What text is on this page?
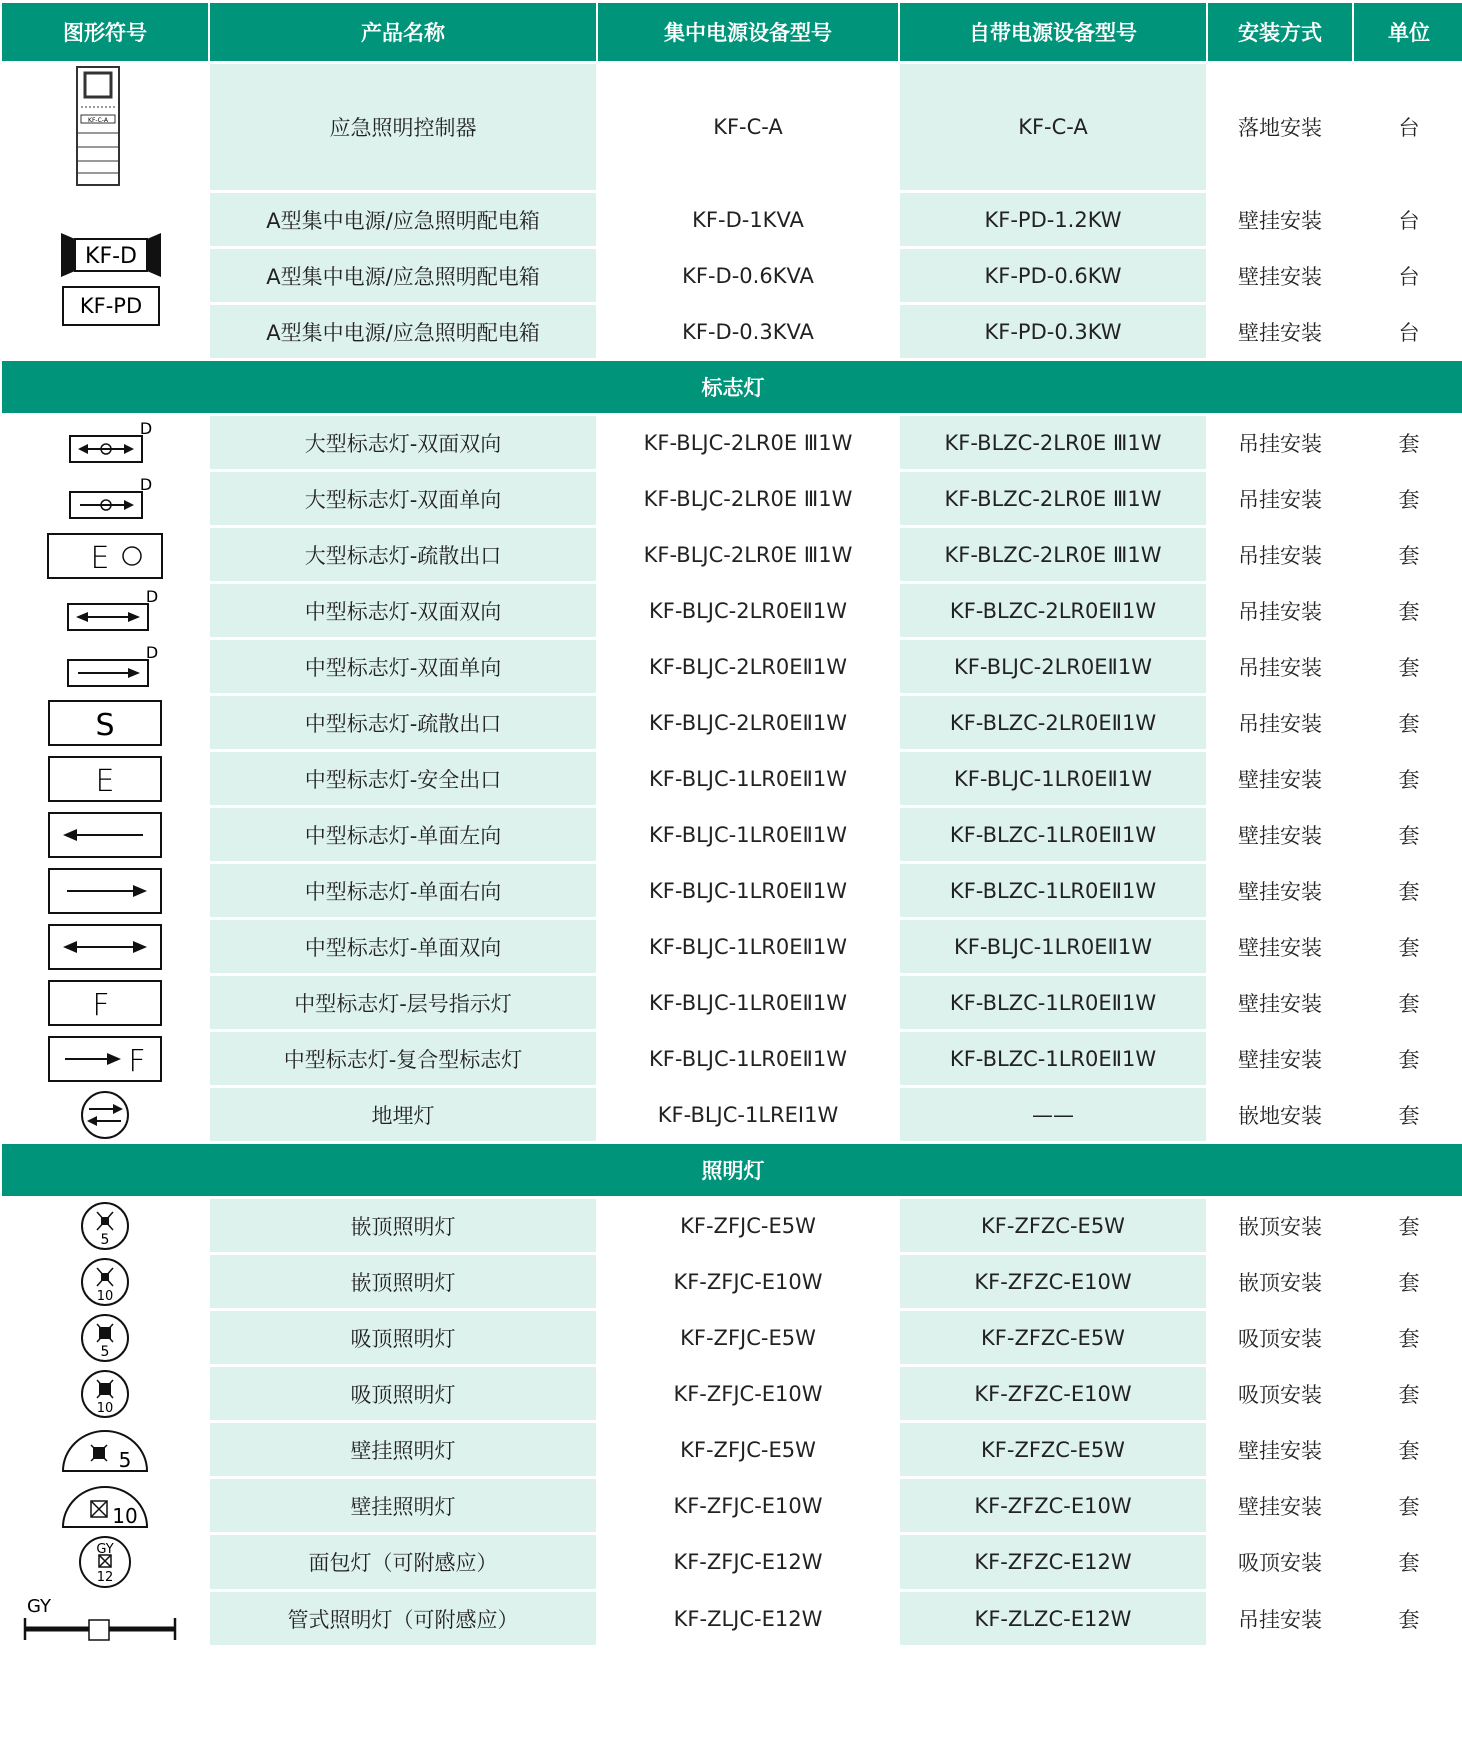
图形符号	产品名称	集中电源设备型号	自带电源设备型号	安装方式	单位

KF-C-A	应急照明控制器	KF-C-A	KF-C-A	落地安装	台

KF-D
KF-PD	A型集中电源/应急照明配电箱	KF-D-1KVA	KF-PD-1.2KW	壁挂安装	台
	A型集中电源/应急照明配电箱	KF-D-0.6KVA	KF-PD-0.6KW	壁挂安装	台
	A型集中电源/应急照明配电箱	KF-D-0.3KVA	KF-PD-0.3KW	壁挂安装	台
标志灯					

D	大型标志灯-双面双向	KF-BLJC-2LR0E Ⅲ1W	KF-BLZC-2LR0E Ⅲ1W	吊挂安装	套

D	大型标志灯-双面单向	KF-BLJC-2LR0E Ⅲ1W	KF-BLZC-2LR0E Ⅲ1W	吊挂安装	套

E	大型标志灯-疏散出口	KF-BLJC-2LR0E Ⅲ1W	KF-BLZC-2LR0E Ⅲ1W	吊挂安装	套

D	中型标志灯-双面双向	KF-BLJC-2LR0EⅡ1W	KF-BLZC-2LR0EⅡ1W	吊挂安装	套

D	中型标志灯-双面单向	KF-BLJC-2LR0EⅡ1W	KF-BLJC-2LR0EⅡ1W	吊挂安装	套

S	中型标志灯-疏散出口	KF-BLJC-2LR0EⅡ1W	KF-BLZC-2LR0EⅡ1W	吊挂安装	套

E	中型标志灯-安全出口	KF-BLJC-1LR0EⅡ1W	KF-BLJC-1LR0EⅡ1W	壁挂安装	套

	中型标志灯-单面左向	KF-BLJC-1LR0EⅡ1W	KF-BLZC-1LR0EⅡ1W	壁挂安装	套

	中型标志灯-单面右向	KF-BLJC-1LR0EⅡ1W	KF-BLZC-1LR0EⅡ1W	壁挂安装	套

	中型标志灯-单面双向	KF-BLJC-1LR0EⅡ1W	KF-BLJC-1LR0EⅡ1W	壁挂安装	套

F	中型标志灯-层号指示灯	KF-BLJC-1LR0EⅡ1W	KF-BLZC-1LR0EⅡ1W	壁挂安装	套

F	中型标志灯-复合型标志灯	KF-BLJC-1LR0EⅡ1W	KF-BLZC-1LR0EⅡ1W	壁挂安装	套

	地埋灯	KF-BLJC-1LREI1W	——	嵌地安装	套
照明灯					

5	嵌顶照明灯	KF-ZFJC-E5W	KF-ZFZC-E5W	嵌顶安装	套

10	嵌顶照明灯	KF-ZFJC-E10W	KF-ZFZC-E10W	嵌顶安装	套

5	吸顶照明灯	KF-ZFJC-E5W	KF-ZFZC-E5W	吸顶安装	套

10	吸顶照明灯	KF-ZFJC-E10W	KF-ZFZC-E10W	吸顶安装	套

5	壁挂照明灯	KF-ZFJC-E5W	KF-ZFZC-E5W	壁挂安装	套

10	壁挂照明灯	KF-ZFJC-E10W	KF-ZFZC-E10W	壁挂安装	套

GY
12	面包灯（可附感应）	KF-ZFJC-E12W	KF-ZFZC-E12W	吸顶安装	套

GY	管式照明灯（可附感应）	KF-ZLJC-E12W	KF-ZLZC-E12W	吊挂安装	套
